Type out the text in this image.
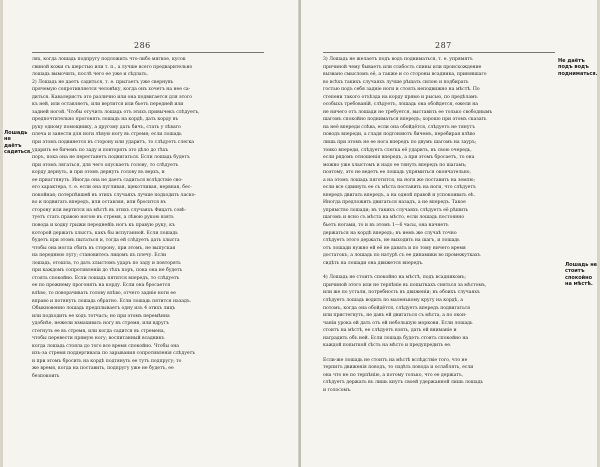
286
Лошадь не даётъ садиться.
лях, когда лошадь подпругу подложить что-либо мягкое, кусок
свиной кожи съ шерстью или т. п., а лучше всего предварительно
лошадь вымочить, послѣ чего ее уже и сѣдлать.
2) Лошадь не даетъ садиться, т. е. прыгаетъ уже свернувъ
прячемую сопротивляется человѣку, когда онъ хочетъ на нее са-
диться. Кавалеристъ это различно или она подвигается для этого
къ ней, или оставляетъ, или вертится или бьетъ передней или
задней ногой. Чтобы отучить лошадь отъ этихъ привычекъ слѣдуетъ,
предпочтительно прогонять лошадь на кордѣ, дать корду въ
руку одному помощнику, а другому дать бичъ, стать у лѣваго
плеча и занести для ноги лѣвую ногу въ стремя; если лошадь
при этомъ подвинется въ сторону или ударитъ, то слѣдуетъ слегка
ударить ее бичемъ по заду и повторять это дѣло до тѣхъ
поръ, пока она не перестанетъ подвигаться. Если лошадь будетъ
при этомъ лягаться, для чего опускаетъ голову, то слѣдуетъ
корду дернуть, и при этомъ дернуть голову въ верхъ, и
ее приаттянуть. Иногда она не даетъ садиться вслѣдствіе сво-
его характера, т. е. если она пугливая, щекотливая, нервная, бес-
покойная; потерпѣвшей въ этихъ случаяхъ лучше подходить ласко-
во и подвигать впередъ, или оставляя, или бросится въ
сторону или вертится на мѣстѣ въ этихъ случаяхъ Фицатъ совѣ-
туетъ стать правою ногою въ стремя, а лѣвою рукою взять
повода и ходку грыжи переднейіъ ногъ къ правую руку, къ
которой держать хлыстъ, какъ бы испуганной. Если лошадь
будетъ при этомъ пытаться и, тогда ей слѣдуетъ дать хлыста
чтобы она могла сбить въ сторону, при этомъ, не выпуская
на переднюю лугу; становитесь лицомъ къ плечу. Если
лошадь, отошла, то дать хлыстомъ ударъ по заду и повторять
при каждомъ сопротивленіи до тѣхъ поръ, пока она не будетъ
стоять спокойно. Если лошадь пятится впередъ, то слѣдуетъ
ее по прежнему прогонять на корду. Если она бросается
влѣво, то поворачивать голову влѣво, отчего задніе ноги ее
вправо и потянуть лошадь обратно. Если лошадь пятится назадъ.
Обыкновенно лошадь предплываетъ одну изъ 4 этихъ лицъ
или подходить ее ходъ тотчасъ; но при этомъ перемѣнна
удобнѣе, нежели взмахивать ногу въ стремя, или вдругъ
стегнуть ее въ стремя, или когда садится въ стремена,
чтобы перевести прямую ногу; воспитанный всадникъ
когда лошадь стояла до того все время спокойно. Чтобы она
изъ-за стремя поддергивала по зарывания сопротивленія слѣдуетъ
и при этомъ бросить на кордѣ подтянуть ее тутъ подпругу; то
же время, когда на поставить, подпругу уже не будетъ, ее
безпокоить
287
Не даётъ подъ водъ подниматься.
Лошадь не стоитъ спокойно на мѣстѣ.
3) Лошадь не желаетъ подъ водъ подниматься, т. е. упрямятъ
причиной чему бываетъ или слабость спины или происхождение
вызвано смысломъ её, а также и со стороны всадника, принявшаго
во всѣхъ такихъ случаяхъ лучше рѣшать силою и подбирать
гостью подъ себя задніе ноги и стоять неподвижно на мѣстѣ. По
степени такого отъѣзда на корду прямо и рысью, по предѣламъ
особыхъ требованій, слѣдуетъ, лошадь она обойдется, ежели на
не ничего отъ лошади не требуется, выставить ее только свободнымъ
шагомъ спокойно подниматься впередъ; хорошо при этомъ сказать
на неё впереди слѣва, если она обойдётся, слѣдуетъ не тянутъ
поводъ впереди, а гладя подгоняютъ бичемъ, перебирая влѣво
лишь при этомъ не ее нога впередъ по двумъ шагомъ на зауръ;
тонко впереди, слѣдуетъ слегка её ударить, въ свою очередь,
если рядомъ отношенія впередъ, а при этомъ бросаетъ, то она
можно уже хлыстомъ и надо ее тянуть впередъ по шагамъ;
поэтому, это не ведетъ ее лошадь упрямиться окончательно,
а на этомъ лошадь пяготится, на ноги же поставить на землю;
если все сдвинуть ее съ мѣста поставить на ноги, что слѣдуетъ
впередъ двигать впередъ, а на одной правой и успокоивать еѣ.
Иногда предложить двигаться назадъ, а не впередъ. Такое
упрямство лошади; въ такихъ случаяхъ слѣдуетъ её рѣшить
шагомъ и ясно съ мѣста на мѣсто, если лошадь постоянно
бьетъ ногами, то и въ этомъ 1—6 часы, она начнетъ
держаться на кордѣ впередъ; въ немъ же случаѣ точно
слѣдуетъ этого держать, не выходить на шагъ, и лошадь
отъ лошади нужно ей её не давать и по тому ничего время
достатокъ, а лошадь по натурѣ съ ее динамики во промежуткахъ
сидѣть на лошади она движется впередъ.
4) Лошадь не стоитъ спокойно на мѣстѣ, подъ всадникомъ;
причиной этого или не терпѣніе въ попыткахъ сняться за мѣстомъ,
или же по устали, потребность въ движеніи; въ обоихъ случаяхъ
слѣдуетъ лошадь водить по маленькому кругу на кордѣ, а
потомъ, когда она обойдётся, слѣдуетъ впередъ подвигаться
или пристегнуть, не давъ ей двигаться съ мѣста, а по окон-
чаніи урока ей дать отъ ей небольшую моркови. Если лошадь
стоитъ на мѣстѣ, ее слѣдуетъ взять, дать ей вниманіе и
наградить объ ней. Если лошадь будетъ стоять спокойно на
каждой попыткой сѣсть на мѣсто и предупредить ее.
Если-же лошадь не стоитъ на мѣстѣ вслѣдствіе того, что не
терпитъ движенія поводъ, то сидѣть повода и ослаблять, если
она что не по терпѣнію, а потому только, что ее держатъ,
слѣдуетъ держать въ лишь кнутъ своей удержанной лишь лошадь
и голосомъ.
